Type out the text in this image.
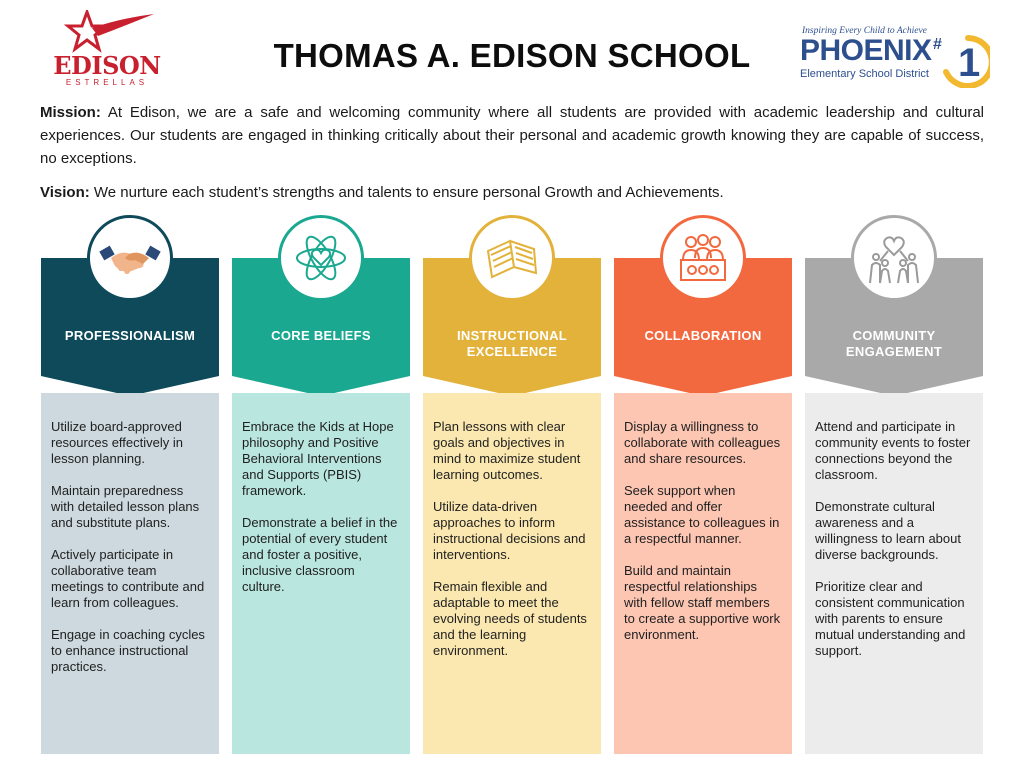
EDISON
ESTRELLAS
THOMAS A. EDISON SCHOOL
Inspiring Every Child to Achieve
PHOENIX # 1
Elementary School District
Mission: At Edison, we are a safe and welcoming community where all students are provided with academic leadership and cultural experiences. Our students are engaged in thinking critically about their personal and academic growth knowing they are capable of success, no exceptions.
Vision: We nurture each student’s strengths and talents to ensure personal Growth and Achievements.
PROFESSIONALISM

Utilize board-approved resources effectively in lesson planning.

Maintain preparedness with detailed lesson plans and substitute plans.

Actively participate in collaborative team meetings to contribute and learn from colleagues.

Engage in coaching cycles to enhance instructional practices.

CORE BELIEFS

Embrace the Kids at Hope philosophy and Positive Behavioral Interventions and Supports (PBIS) framework.

Demonstrate a belief in the potential of every student and foster a positive, inclusive classroom culture.

INSTRUCTIONAL EXCELLENCE

Plan lessons with clear goals and objectives in mind to maximize student learning outcomes.

Utilize data-driven approaches to inform instructional decisions and interventions.

Remain flexible and adaptable to meet the evolving needs of students and the learning environment.

COLLABORATION

Display a willingness to collaborate with colleagues and share resources.

Seek support when needed and offer assistance to colleagues in a respectful manner.

Build and maintain respectful relationships with fellow staff members to create a supportive work environment.

COMMUNITY ENGAGEMENT

Attend and participate in community events to foster connections beyond the classroom.

Demonstrate cultural awareness and a willingness to learn about diverse backgrounds.

Prioritize clear and consistent communication with parents to ensure mutual understanding and support.
